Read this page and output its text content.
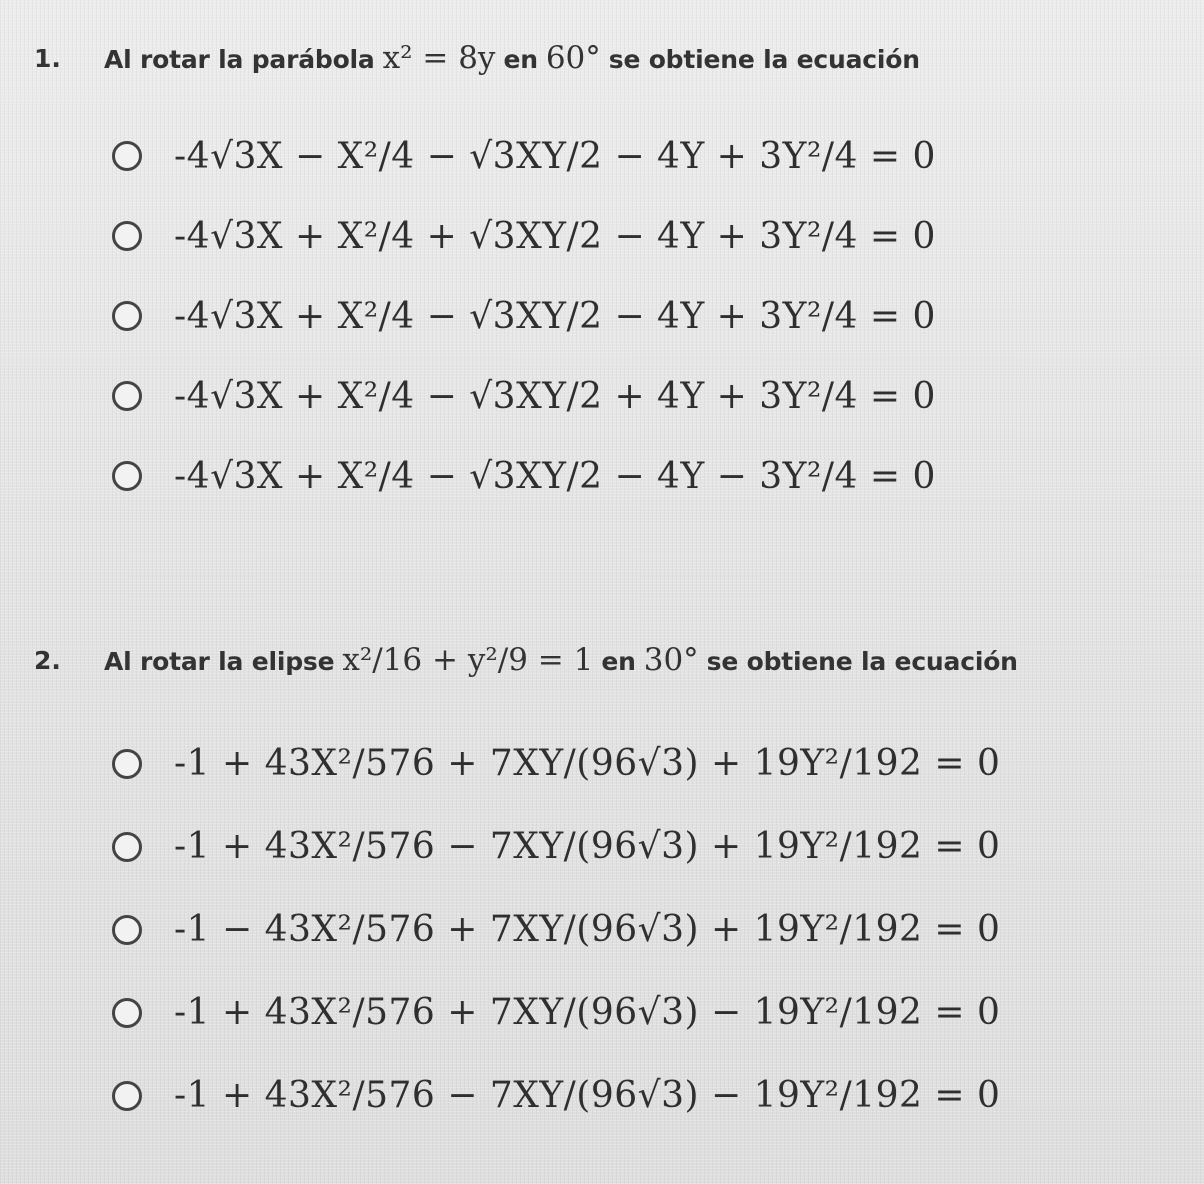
1. Al rotar la parábola x² = 8y en 60° se obtiene la ecuación
-4√3X − X²/4 − √3XY/2 − 4Y + 3Y²/4 = 0
-4√3X + X²/4 + √3XY/2 − 4Y + 3Y²/4 = 0
-4√3X + X²/4 − √3XY/2 − 4Y + 3Y²/4 = 0
-4√3X + X²/4 − √3XY/2 + 4Y + 3Y²/4 = 0
-4√3X + X²/4 − √3XY/2 − 4Y − 3Y²/4 = 0
2. Al rotar la elipse x²/16 + y²/9 = 1 en 30° se obtiene la ecuación
-1 + 43X²/576 + 7XY/(96√3) + 19Y²/192 = 0
-1 + 43X²/576 − 7XY/(96√3) + 19Y²/192 = 0
-1 − 43X²/576 + 7XY/(96√3) + 19Y²/192 = 0
-1 + 43X²/576 + 7XY/(96√3) − 19Y²/192 = 0
-1 + 43X²/576 − 7XY/(96√3) − 19Y²/192 = 0
